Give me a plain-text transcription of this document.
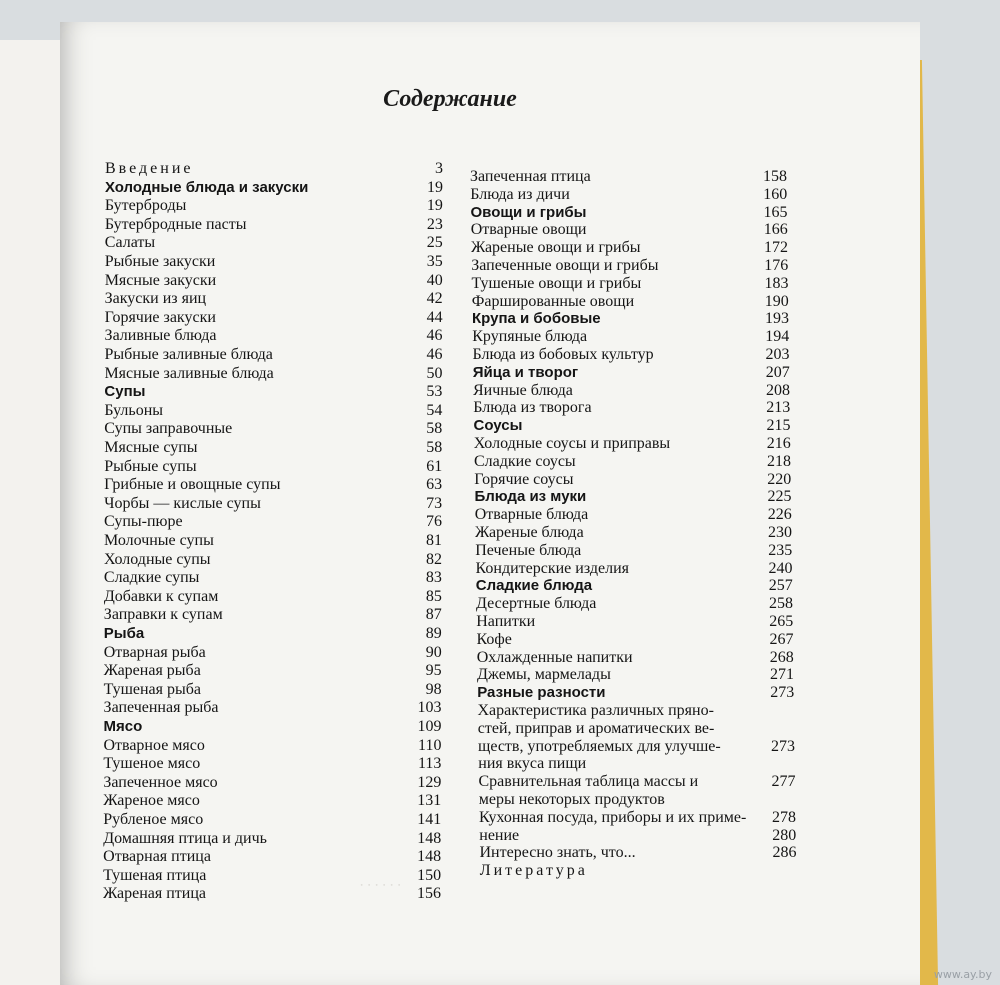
Содержание
Введение	3
Холодные блюда и закуски	19
Бутерброды	19
Бутербродные пасты	23
Салаты	25
Рыбные закуски	35
Мясные закуски	40
Закуски из яиц	42
Горячие закуски	44
Заливные блюда	46
Рыбные заливные блюда	46
Мясные заливные блюда	50
Супы	53
Бульоны	54
Супы заправочные	58
Мясные супы	58
Рыбные супы	61
Грибные и овощные супы	63
Чорбы — кислые супы	73
Супы-пюре	76
Молочные супы	81
Холодные супы	82
Сладкие супы	83
Добавки к супам	85
Заправки к супам	87
Рыба	89
Отварная рыба	90
Жареная рыба	95
Тушеная рыба	98
Запеченная рыба	103
Мясо	109
Отварное мясо	110
Тушеное мясо	113
Запеченное мясо	129
Жареное мясо	131
Рубленое мясо	141
Домашняя птица и дичь	148
Отварная птица	148
Тушеная птица	150
Жареная птица	156
Запеченная птица	158
Блюда из дичи	160
Овощи и грибы	165
Отварные овощи	166
Жареные овощи и грибы	172
Запеченные овощи и грибы	176
Тушеные овощи и грибы	183
Фаршированные овощи	190
Крупа и бобовые	193
Крупяные блюда	194
Блюда из бобовых культур	203
Яйца и творог	207
Яичные блюда	208
Блюда из творога	213
Соусы	215
Холодные соусы и приправы	216
Сладкие соусы	218
Горячие соусы	220
Блюда из муки	225
Отварные блюда	226
Жареные блюда	230
Печеные блюда	235
Кондитерские изделия	240
Сладкие блюда	257
Десертные блюда	258
Напитки	265
Кофе	267
Охлажденные напитки	268
Джемы, мармелады	271
Разные разности	273
Характеристика различных пряно-
стей, приправ и ароматических ве-
ществ, употребляемых для улучше-	273
ния вкуса пищи
Сравнительная таблица массы и	277
меры некоторых продуктов
Кухонная посуда, приборы и их приме-	278
нение	280
Интересно знать, что...	286
Литература
· · · · · ·
www.ay.by
